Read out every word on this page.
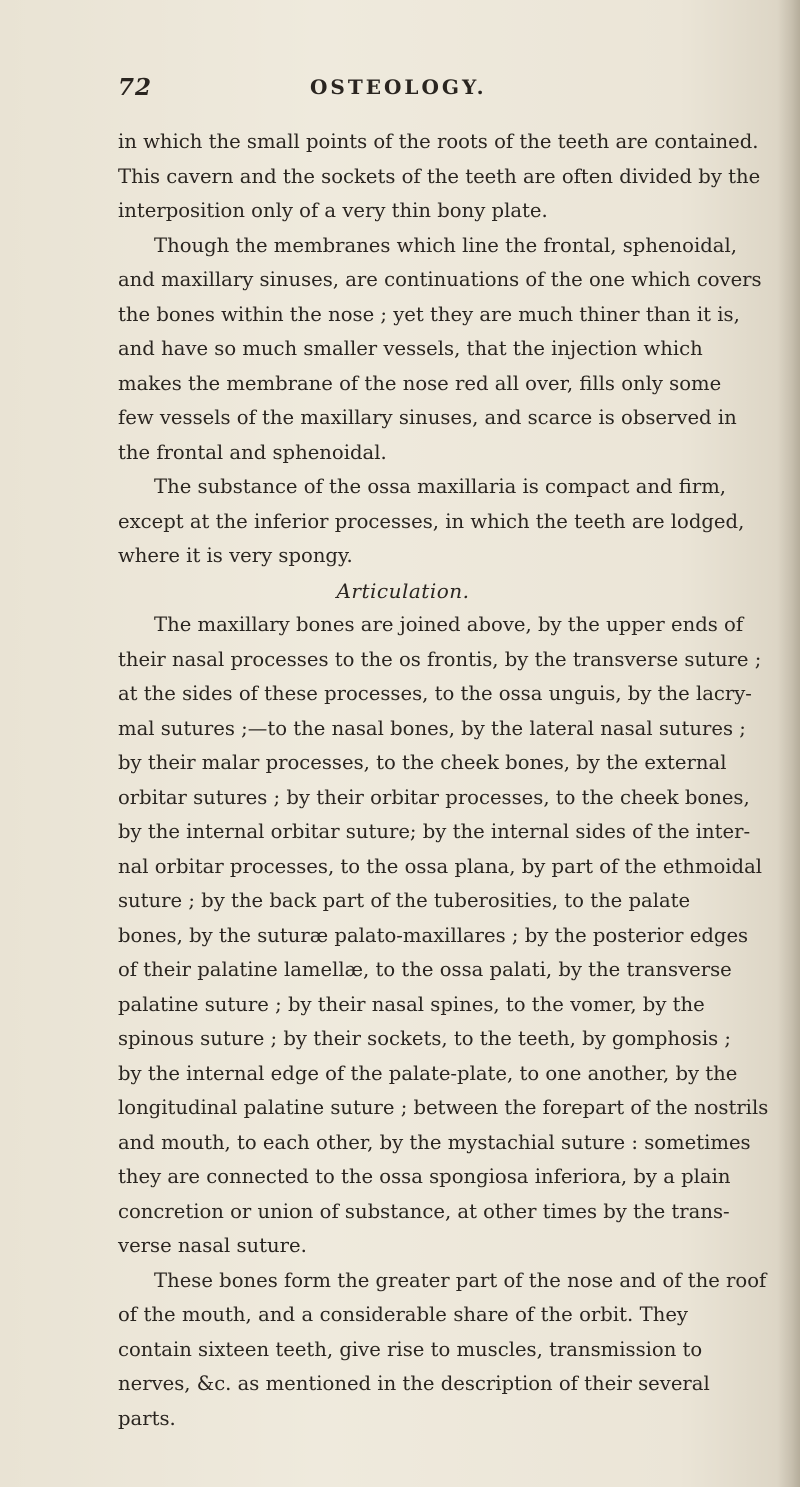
72	OSTEOLOGY.
in which the small points of the roots of the teeth are contained.
This cavern and the sockets of the teeth are often divided by the
interposition only of a very thin bony plate.
Though the membranes which line the frontal, sphenoidal,
and maxillary sinuses, are continuations of the one which covers
the bones within the nose ; yet they are much thiner than it is,
and have so much smaller vessels, that the injection which
makes the membrane of the nose red all over, fills only some
few vessels of the maxillary sinuses, and scarce is observed in
the frontal and sphenoidal.
The substance of the ossa maxillaria is compact and firm,
except at the inferior processes, in which the teeth are lodged,
where it is very spongy.
Articulation.
The maxillary bones are joined above, by the upper ends of
their nasal processes to the os frontis, by the transverse suture ;
at the sides of these processes, to the ossa unguis, by the lacry-
mal sutures ;—to the nasal bones, by the lateral nasal sutures ;
by their malar processes, to the cheek bones, by the external
orbitar sutures ; by their orbitar processes, to the cheek bones,
by the internal orbitar suture; by the internal sides of the inter-
nal orbitar processes, to the ossa plana, by part of the ethmoidal
suture ; by the back part of the tuberosities, to the palate
bones, by the suturæ palato-maxillares ; by the posterior edges
of their palatine lamellæ, to the ossa palati, by the transverse
palatine suture ; by their nasal spines, to the vomer, by the
spinous suture ; by their sockets, to the teeth, by gomphosis ;
by the internal edge of the palate-plate, to one another, by the
longitudinal palatine suture ; between the forepart of the nostrils
and mouth, to each other, by the mystachial suture : sometimes
they are connected to the ossa spongiosa inferiora, by a plain
concretion or union of substance, at other times by the trans-
verse nasal suture.
These bones form the greater part of the nose and of the roof
of the mouth, and a considerable share of the orbit. They
contain sixteen teeth, give rise to muscles, transmission to
nerves, &c. as mentioned in the description of their several
parts.
